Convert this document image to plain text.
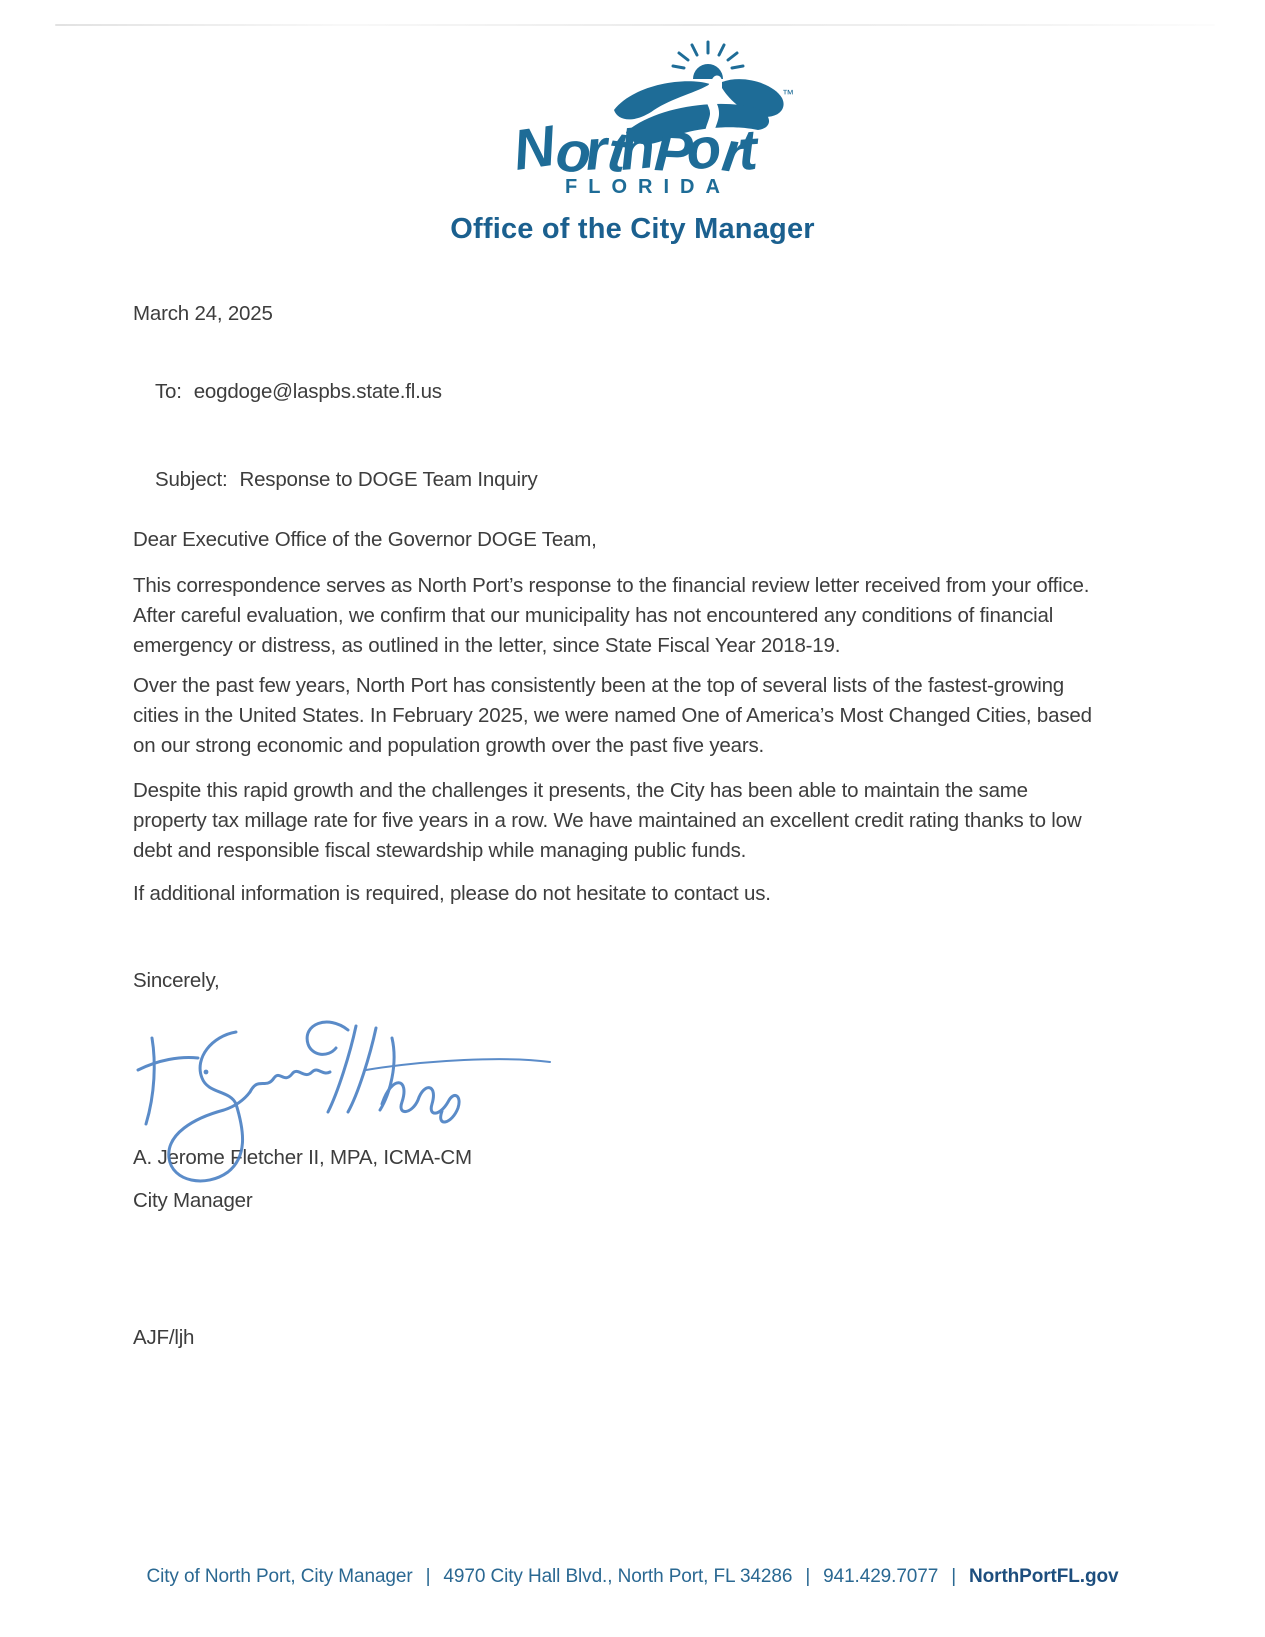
NorthPort
™
FLORIDA
Office of the City Manager
March 24, 2025

To: eogdoge@laspbs.state.fl.us

Subject: Response to DOGE Team Inquiry

Dear Executive Office of the Governor DOGE Team,
This correspondence serves as North Port’s response to the financial review letter received from your office. After careful evaluation, we confirm that our municipality has not encountered any conditions of financial emergency or distress, as outlined in the letter, since State Fiscal Year 2018-19.
Over the past few years, North Port has consistently been at the top of several lists of the fastest-growing cities in the United States. In February 2025, we were named One of America’s Most Changed Cities, based on our strong economic and population growth over the past five years.
Despite this rapid growth and the challenges it presents, the City has been able to maintain the same property tax millage rate for five years in a row. We have maintained an excellent credit rating thanks to low debt and responsible fiscal stewardship while managing public funds.
If additional information is required, please do not hesitate to contact us.
Sincerely,
A. Jerome Fletcher II, MPA, ICMA-CM
City Manager
AJF/ljh
City of North Port, City Manager | 4970 City Hall Blvd., North Port, FL 34286 | 941.429.7077 | NorthPortFL.gov
